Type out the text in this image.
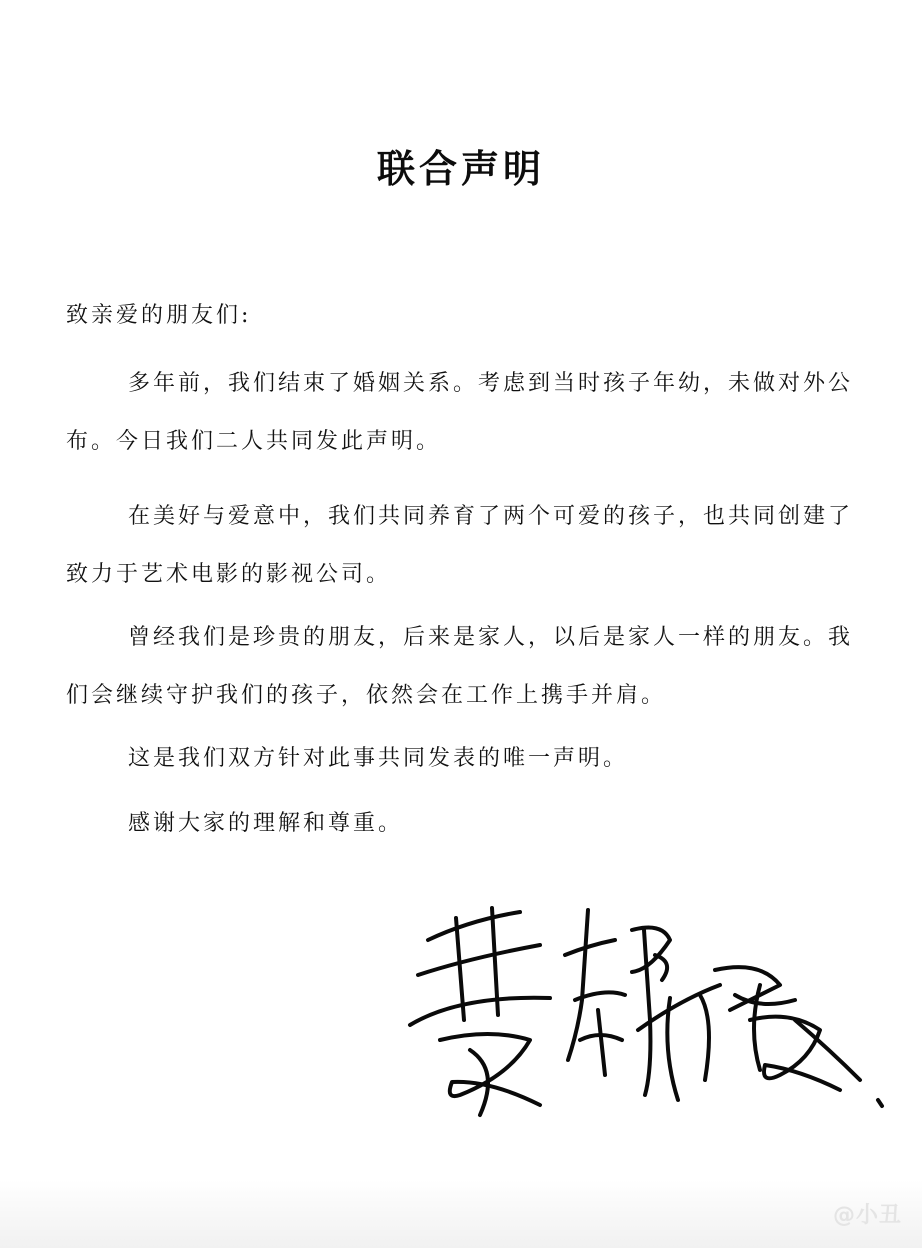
联合声明
致亲爱的朋友们:
多年前，我们结束了婚姻关系。考虑到当时孩子年幼，未做对外公布。今日我们二人共同发此声明。
在美好与爱意中，我们共同养育了两个可爱的孩子，也共同创建了致力于艺术电影的影视公司。
曾经我们是珍贵的朋友，后来是家人，以后是家人一样的朋友。我们会继续守护我们的孩子，依然会在工作上携手并肩。
这是我们双方针对此事共同发表的唯一声明。
感谢大家的理解和尊重。
@小丑
